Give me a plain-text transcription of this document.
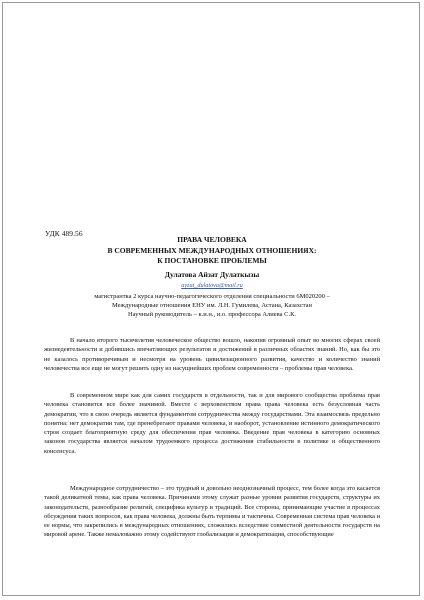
УДК 489.56
ПРАВА ЧЕЛОВЕКА
В СОВРЕМЕННЫХ МЕЖДУНАРОДНЫХ ОТНОШЕНИЯХ:
К ПОСТАНОВКЕ ПРОБЛЕМЫ
Дулатова Айзат Дулаткызы
ayzat_dulatova@mail.ru
магистрантка 2 курса научно-педагогического отделения специальности 6М020200 –
Международные отношения ЕНУ им. Л.Н. Гумилева, Астана, Казахстан
Научный руководитель – к.и.н., и.о. профессора Алиева С.К.

В начало второго тысячелетия человеческое общество вошло, накопив огромный опыт во многих сферах своей жизнедеятельности и добившись впечатляющих результатов и достижений в различных областях знаний. Но, как бы это не казалось противоречивым и несмотря на уровень цивилизационного развития, качество и количество знаний человечества все еще не могут решить одну из насущнейших проблем современности – проблемы прав человека.

В современном мире как для самих государств в отдельности, так и для мирового сообщества проблема прав человека становится все более значимой. Вместе с верховенством права права человека есть безусловная часть демократии, что в свою очередь является фундаментом сотрудничества между государствами. Эта взаимосвязь предельно понятна: нет демократии там, где пренебрегают правами человека, и наоборот, установление истинного демократического строя создает благоприятную среду для обеспечения прав человека. Введение прав человека в категорию основных законов государства является началом трудоемкого процесса достижения стабильности в политике и общественного консенсуса.

Международное сотрудничество – это трудный и довольно неоднозначный процесс, тем более когда это касается такой деликатной темы, как права человека. Причинами этому служат разные уровни развития государств, структуры их законодательств, разнообразие религий, специфика культур и традиций. Все стороны, принимающие участие в процессах обсуждения таких вопросов, как права человека, должны быть терпимы и тактичны. Современная система прав человека и ее нормы, что закрепились в международных отношениях, сложились вследствие совместной деятельности государств на мировой арене. Также немаловажно этому содействуют глобализация и демократизация, способствующие
